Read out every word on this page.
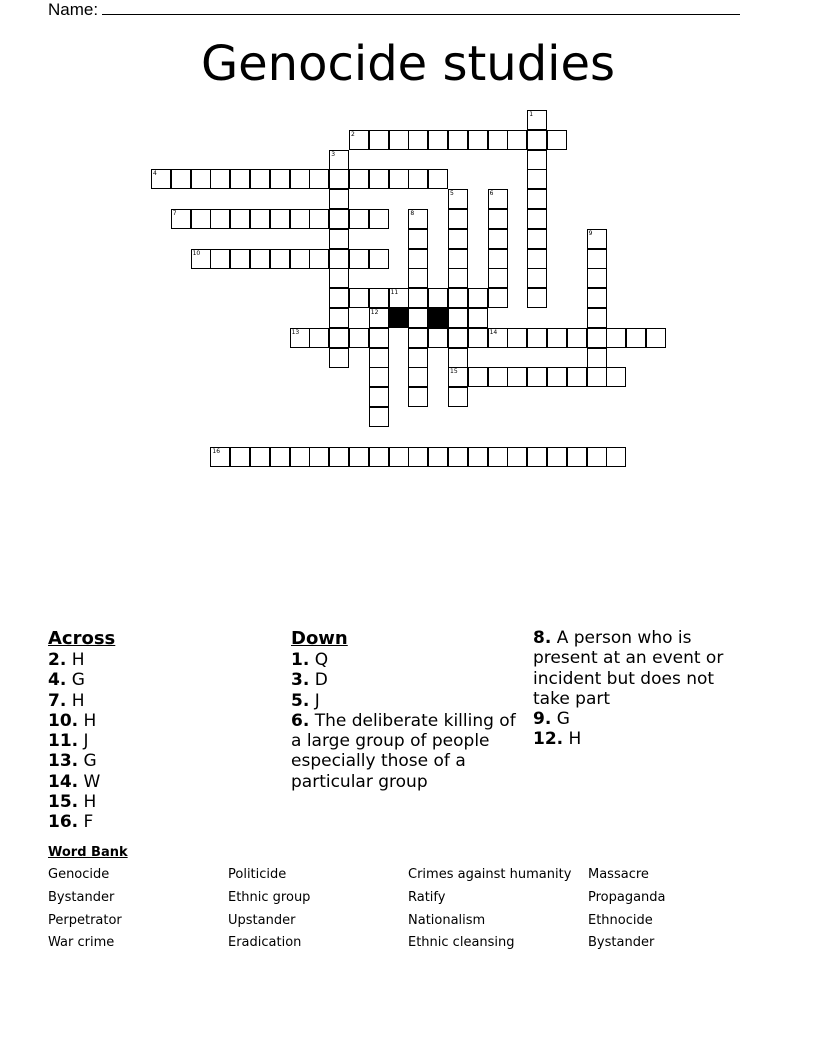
Name:
Genocide studies
2
4
7
10
11
13	14
15
16
1
3
5	6
8
9
12
Across
2. H
4. G
7. H
10. H
11. J
13. G
14. W
15. H
16. F
Down
1. Q
3. D
5. J
6. The deliberate killing of a large group of people especially those of a particular group
8. A person who is present at an event or incident but does not take part
9. G
12. H
Word Bank
Genocide
Bystander
Perpetrator
War crime
Politicide
Ethnic group
Upstander
Eradication
Crimes against humanity
Ratify
Nationalism
Ethnic cleansing
Massacre
Propaganda
Ethnocide
Bystander
